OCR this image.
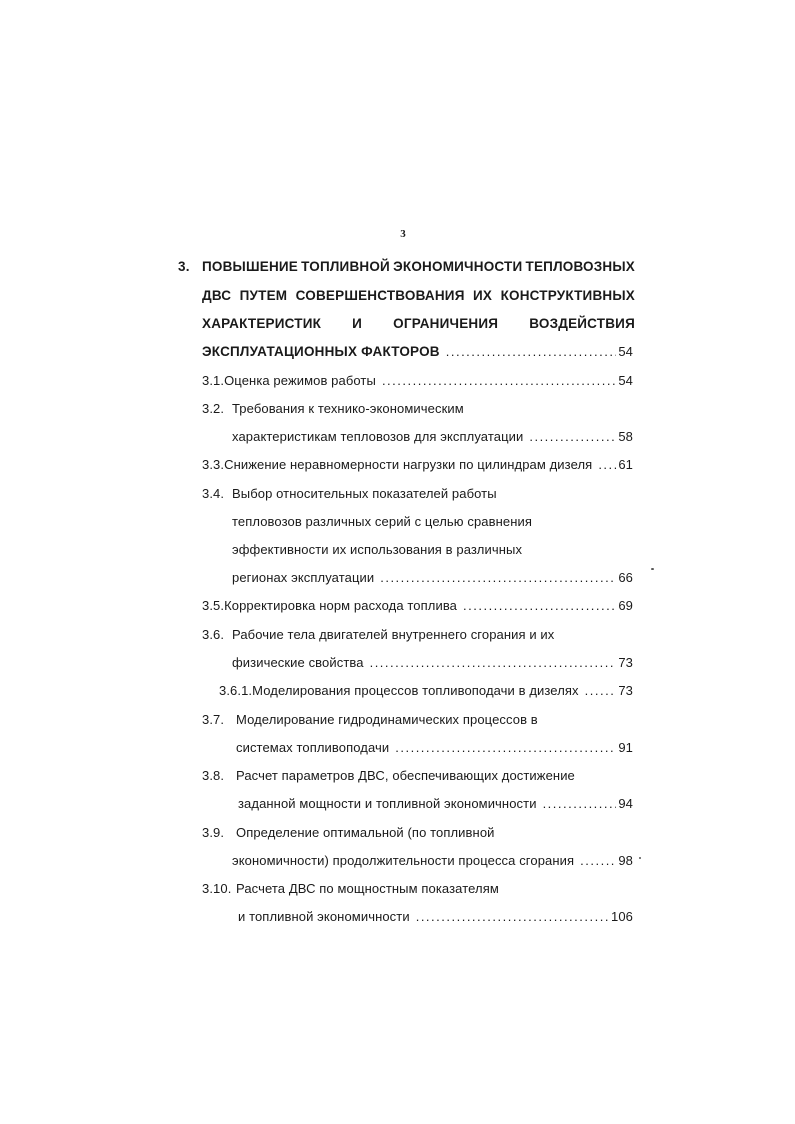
3
3. ПОВЫШЕНИЕ ТОПЛИВНОЙ ЭКОНОМИЧНОСТИ ТЕПЛОВОЗНЫХ
ДВС ПУТЕМ СОВЕРШЕНСТВОВАНИЯ ИХ КОНСТРУКТИВНЫХ
ХАРАКТЕРИСТИК И ОГРАНИЧЕНИЯ ВОЗДЕЙСТВИЯ
ЭКСПЛУАТАЦИОННЫХ ФАКТОРОВ .....	54
3.1. Оценка режимов работы .....	54
3.2. Требования к технико-экономическим
характеристикам тепловозов для эксплуатации .....	58
3.3. Снижение неравномерности нагрузки по цилиндрам дизеля ..... 61
3.4. Выбор относительных показателей работы
тепловозов различных серий с целью сравнения
эффективности их использования в различных
регионах эксплуатации .....	66
3.5. Корректировка норм расхода топлива .....	69
3.6. Рабочие тела двигателей внутреннего сгорания и их
физические свойства .....	73
3.6.1. Моделирования процессов топливоподачи в дизелях .....	73
3.7. Моделирование гидродинамических процессов в
системах топливоподачи .....	91
3.8. Расчет параметров ДВС, обеспечивающих достижение
заданной мощности и топливной экономичности .....	94
3.9. Определение оптимальной (по топливной
экономичности) продолжительности процесса сгорания .....	98
3.10. Расчета ДВС по мощностным показателям
и топливной экономичности .....	106
